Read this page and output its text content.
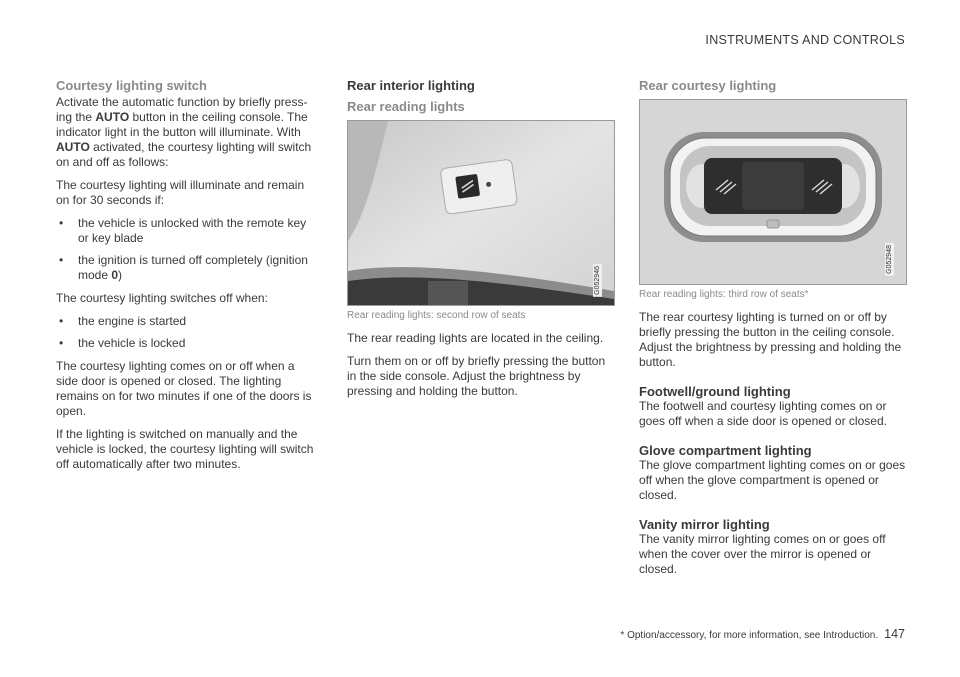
INSTRUMENTS AND CONTROLS
Courtesy lighting switch

Activate the automatic function by briefly press-ing the AUTO button in the ceiling console. The indicator light in the button will illuminate. With AUTO activated, the courtesy lighting will switch on and off as follows:

The courtesy lighting will illuminate and remain on for 30 seconds if:

• the vehicle is unlocked with the remote key or key blade
• the ignition is turned off completely (ignition mode 0)

The courtesy lighting switches off when:

• the engine is started
• the vehicle is locked

The courtesy lighting comes on or off when a side door is opened or closed. The lighting remains on for two minutes if one of the doors is open.

If the lighting is switched on manually and the vehicle is locked, the courtesy lighting will switch off automatically after two minutes.

Rear interior lighting
Rear reading lights
G052946
Rear reading lights: second row of seats

The rear reading lights are located in the ceiling.

Turn them on or off by briefly pressing the button in the side console. Adjust the brightness by pressing and holding the button.

Rear courtesy lighting
G052948
Rear reading lights: third row of seats*

The rear courtesy lighting is turned on or off by briefly pressing the button in the ceiling console. Adjust the brightness by pressing and holding the button.

Footwell/ground lighting

The footwell and courtesy lighting comes on or goes off when a side door is opened or closed.

Glove compartment lighting

The glove compartment lighting comes on or goes off when the glove compartment is opened or closed.

Vanity mirror lighting

The vanity mirror lighting comes on or goes off when the cover over the mirror is opened or closed.

* Option/accessory, for more information, see Introduction. 147
